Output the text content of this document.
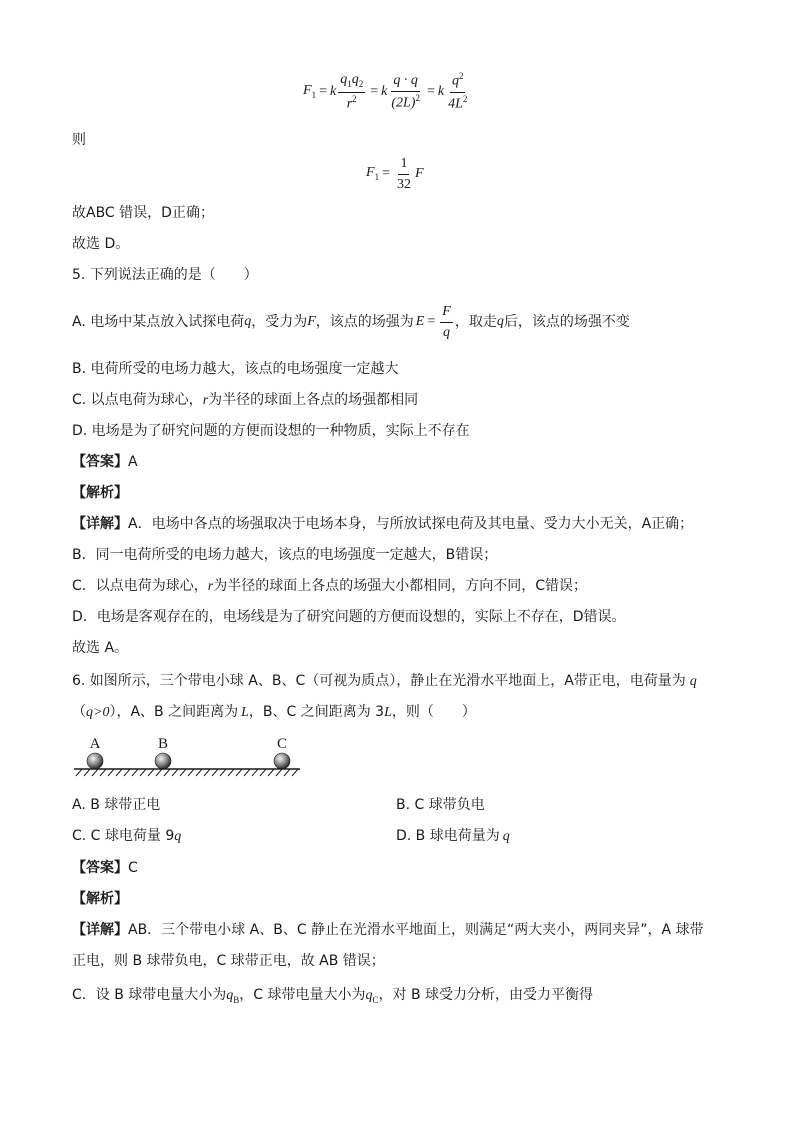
$F_1 = k \frac{q_1q_2}{r^2} = k \frac{q \cdot q}{(2L)^2} = k \frac{q^2}{4L^2}$
则
$F_1 = \frac{1}{32}$ F
故ABC 错误，D正确；
故选 D。
5. 下列说法正确的是（　　）
A. 电场中某点放入试探电荷 q ，受力为 F ，该点的场强为 $E = \frac{F}{q}$ ，取走 q 后，该点的场强不变
B. 电荷所受的电场力越大，该点的电场强度一定越大
C. 以点电荷为球心，r为半径的球面上各点的场强都相同
D. 电场是为了研究问题的方便而设想的一种物质，实际上不存在
【答案】A
【解析】
【详解】A．电场中各点的场强取决于电场本身，与所放试探电荷及其电量、受力大小无关，A正确；
B．同一电荷所受的电场力越大，该点的电场强度一定越大，B错误；
C．以点电荷为球心，r为半径的球面上各点的场强大小都相同，方向不同，C错误；
D．电场是客观存在的，电场线是为了研究问题的方便而设想的，实际上不存在，D错误。
故选 A。
6. 如图所示，三个带电小球 A、B、C（可视为质点），静止在光滑水平地面上，A带正电，电荷量为 q
（q>0），A、B 之间距离为 L，B、C 之间距离为 3L，则（　　）
A	B	C
A. B 球带正电	B. C 球带负电
C. C 球电荷量 9q	D. B 球电荷量为 q
【答案】C
【解析】
【详解】AB．三个带电小球 A、B、C 静止在光滑水平地面上，则满足“两大夹小，两同夹异”，A 球带
正电，则 B 球带负电，C 球带正电，故 AB 错误；
C．设 B 球带电量大小为$q_B$，C 球带电量大小为$q_C$，对 B 球受力分析，由受力平衡得
